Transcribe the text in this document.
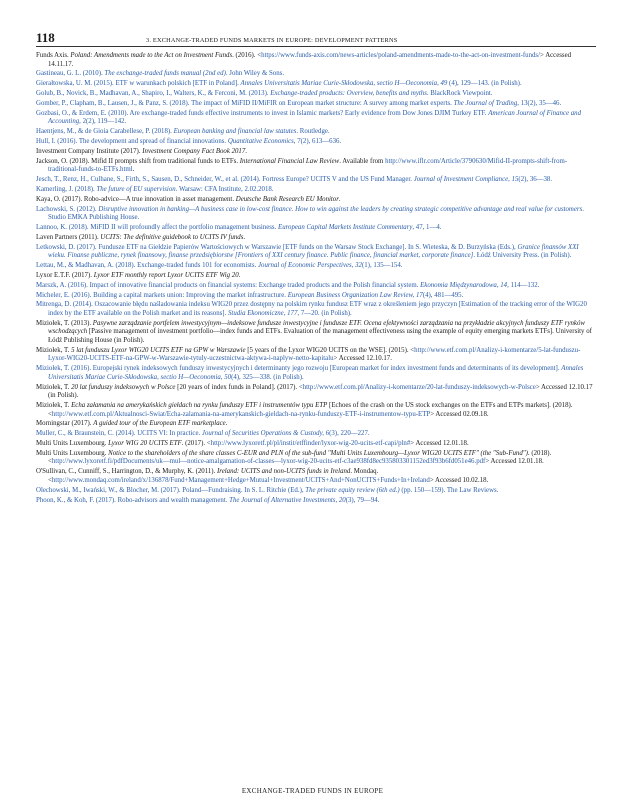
118	3. EXCHANGE-TRADED FUNDS MARKETS IN EUROPE: DEVELOPMENT PATTERNS
Funds Axis. Poland: Amendments made to the Act on Investment Funds. (2016). <https://www.funds-axis.com/news-articles/poland-amendments-made-to-the-act-on-investment-funds/> Accessed 14.11.17.
Gastineau, G. L. (2010). The exchange-traded funds manual (2nd ed). John Wiley & Sons.
Gierałtowska, U. M. (2015). ETF w warunkach polskich [ETF in Poland]. Annales Universitatis Mariae Curie-Skłodowska, sectio H—Oeconomia, 49 (4), 129—143. (in Polish).
Golub, B., Novick, B., Madhavan, A., Shapiro, I., Walters, K., & Ferconi, M. (2013). Exchange-traded products: Overview, benefits and myths. BlackRock Viewpoint.
Gomber, P., Clapham, B., Lausen, J., & Panz, S. (2018). The impact of MiFID II/MiFIR on European market structure: A survey among market experts. The Journal of Trading, 13(2), 35—46.
Gozbasi, O., & Erdem, E. (2010). Are exchange-traded funds effective instruments to invest in Islamic markets? Early evidence from Dow Jones DJIM Turkey ETF. American Journal of Finance and Accounting, 2(2), 119—142.
Haentjens, M., & de Gioia Carabellese, P. (2018). European banking and financial law statutes. Routledge.
Hull, I. (2016). The development and spread of financial innovations. Quantitative Economics, 7(2), 613—636.
Investment Company Institute (2017). Investment Company Fact Book 2017.
Jackson, O. (2018). Mifid II prompts shift from traditional funds to ETFs. International Financial Law Review. Available from http://www.iflr.com/Article/3790630/Mifid-II-prompts-shift-from-traditional-funds-to-ETFs.html.
Jesch, T., Renz, H., Culhane, S., Firth, S., Sausen, D., Schneider, W., et al. (2014). Fortress Europe? UCITS V and the US Fund Manager. Journal of Investment Compliance, 15(2), 36—38.
Kamerling, J. (2018). The future of EU supervision. Warsaw: CFA Institute, 2.02.2018.
Kaya, O. (2017). Robo-advice—A true innovation in asset management. Deutsche Bank Research EU Monitor.
Lachowski, S. (2012). Disruptive innovation in banking—A business case in low-cost finance. How to win against the leaders by creating strategic competitive advantage and real value for customers. Studio EMKA Publishing House.
Lannoo, K. (2018). MiFID II will profoundly affect the portfolio management business. European Capital Markets Institute Commentary, 47, 1—4.
Laven Partners (2011). UCITS: The definitive guidebook to UCITS IV funds.
Letkowski, D. (2017). Fundusze ETF na Giełdzie Papierów Wartościowych w Warszawie [ETF funds on the Warsaw Stock Exchange]. In S. Wieteska, & D. Burzyńska (Eds.), Granice finansów XXI wieku. Finanse publiczne, rynek finansowy, finanse przedsiębiorstw [Frontiers of XXI century finance. Public finance, financial market, corporate finance]. Łódź University Press. (in Polish).
Lettau, M., & Madhavan, A. (2018). Exchange-traded funds 101 for economists. Journal of Economic Perspectives, 32(1), 135—154.
Lyxor E.T.F. (2017). Lyxor ETF monthly report Lyxor UCITS ETF Wig 20.
Marszk, A. (2016). Impact of innovative financial products on financial systems: Exchange traded products and the Polish financial system. Ekonomia Międzynarodowa, 14, 114—132.
Micheler, E. (2016). Building a capital markets union: Improving the market infrastructure. European Business Organization Law Review, 17(4), 481—495.
Mitrenga, D. (2014). Oszacowanie błędu naśladowania indeksu WIG20 przez dostępny na polskim rynku fundusz ETF wraz z określeniem jego przyczyn [Estimation of the tracking error of the WIG20 index by the ETF available on the Polish market and its reasons]. Studia Ekonomiczne, 177, 7—20. (in Polish).
Miziołek, T. (2013). Pasywne zarządzanie portfelem inwestycyjnym—indeksowe fundusze inwestycyjne i fundusze ETF. Ocena efektywności zarządzania na przykładzie akcyjnych funduszy ETF rynków wschodzących [Passive management of investment portfolio—index funds and ETFs. Evaluation of the management effectiveness using the example of equity emerging markets ETFs]. University of Łódź Publishing House (in Polish).
Miziołek, T. 5 lat funduszu Lyxor WIG20 UCITS ETF na GPW w Warszawie [5 years of the Lyxor WIG20 UCITS on the WSE]. (2015). <http://www.etf.com.pl/Analizy-i-komentarze/5-lat-funduszu-Lyxor-WIG20-UCITS-ETF-na-GPW-w-Warszawie-tytuly-uczestnictwa-aktywa-i-naplyw-netto-kapitalu> Accessed 12.10.17.
Miziołek, T. (2016). Europejski rynek indeksowych funduszy inwestycyjnych i determinanty jego rozwoju [European market for index investment funds and determinants of its development]. Annales Universitatis Mariae Curie-Skłodowska, sectio H—Oeconomia, 50(4), 325—338. (in Polish).
Miziołek, T. 20 lat funduszy indeksowych w Polsce [20 years of index funds in Poland]. (2017). <http://www.etf.com.pl/Analizy-i-komentarze/20-lat-funduszy-indeksowych-w-Polsce> Accessed 12.10.17 (in Polish).
Miziołek, T. Echa załamania na amerykańskich giełdach na rynku funduszy ETF i instrumentów typu ETP [Echoes of the crash on the US stock exchanges on the ETFs and ETPs markets]. (2018). <http://www.etf.com.pl/Aktualnosci-Swiat/Echa-zalamania-na-amerykanskich-gieldach-na-rynku-funduszy-ETF-i-instrumentow-typu-ETP> Accessed 02.09.18.
Morningstar (2017). A guided tour of the European ETF marketplace.
Muller, C., & Braunstein, C. (2014). UCITS VI: In practice. Journal of Securities Operations & Custody, 6(3), 220—227.
Multi Units Luxembourg. Lyxor WIG 20 UCITS ETF. (2017). <http://www.lyxoretf.pl/pl/instit/etffinder/lyxor-wig-20-ucits-etf-capi/pln#> Accessed 12.01.18.
Multi Units Luxembourg. Notice to the shareholders of the share classes C-EUR and PLN of the sub-fund "Multi Units Luxembourg—Lyxor WIG20 UCITS ETF" (the "Sub-Fund"). (2018). <http://www.lyxoretf.fi/pdfDocuments/uk—mul—notice-amalgamation-of-classes—lyxor-wig-20-ucits-etf-c3ae938fd8ec935803301152ed3f93b6fd051e46.pdf> Accessed 12.01.18.
O'Sullivan, C., Cunniff, S., Harrington, D., & Murphy, K. (2011). Ireland: UCITS and non-UCITS funds in Ireland. Mondaq. <http://www.mondaq.com/ireland/x/136878/Fund+Management+Hedge+Mutual+Investment/UCITS+And+NonUCITS+Funds+In+Ireland> Accessed 10.02.18.
Olechowski, M., Iwański, W., & Blocher, M. (2017). Poland—Fundraising. In S. L. Ritchie (Ed.), The private equity review (6th ed.) (pp. 150—159). The Law Reviews.
Phoon, K., & Koh, F. (2017). Robo-advisors and wealth management. The Journal of Alternative Investments, 20(3), 79—94.
EXCHANGE-TRADED FUNDS IN EUROPE
